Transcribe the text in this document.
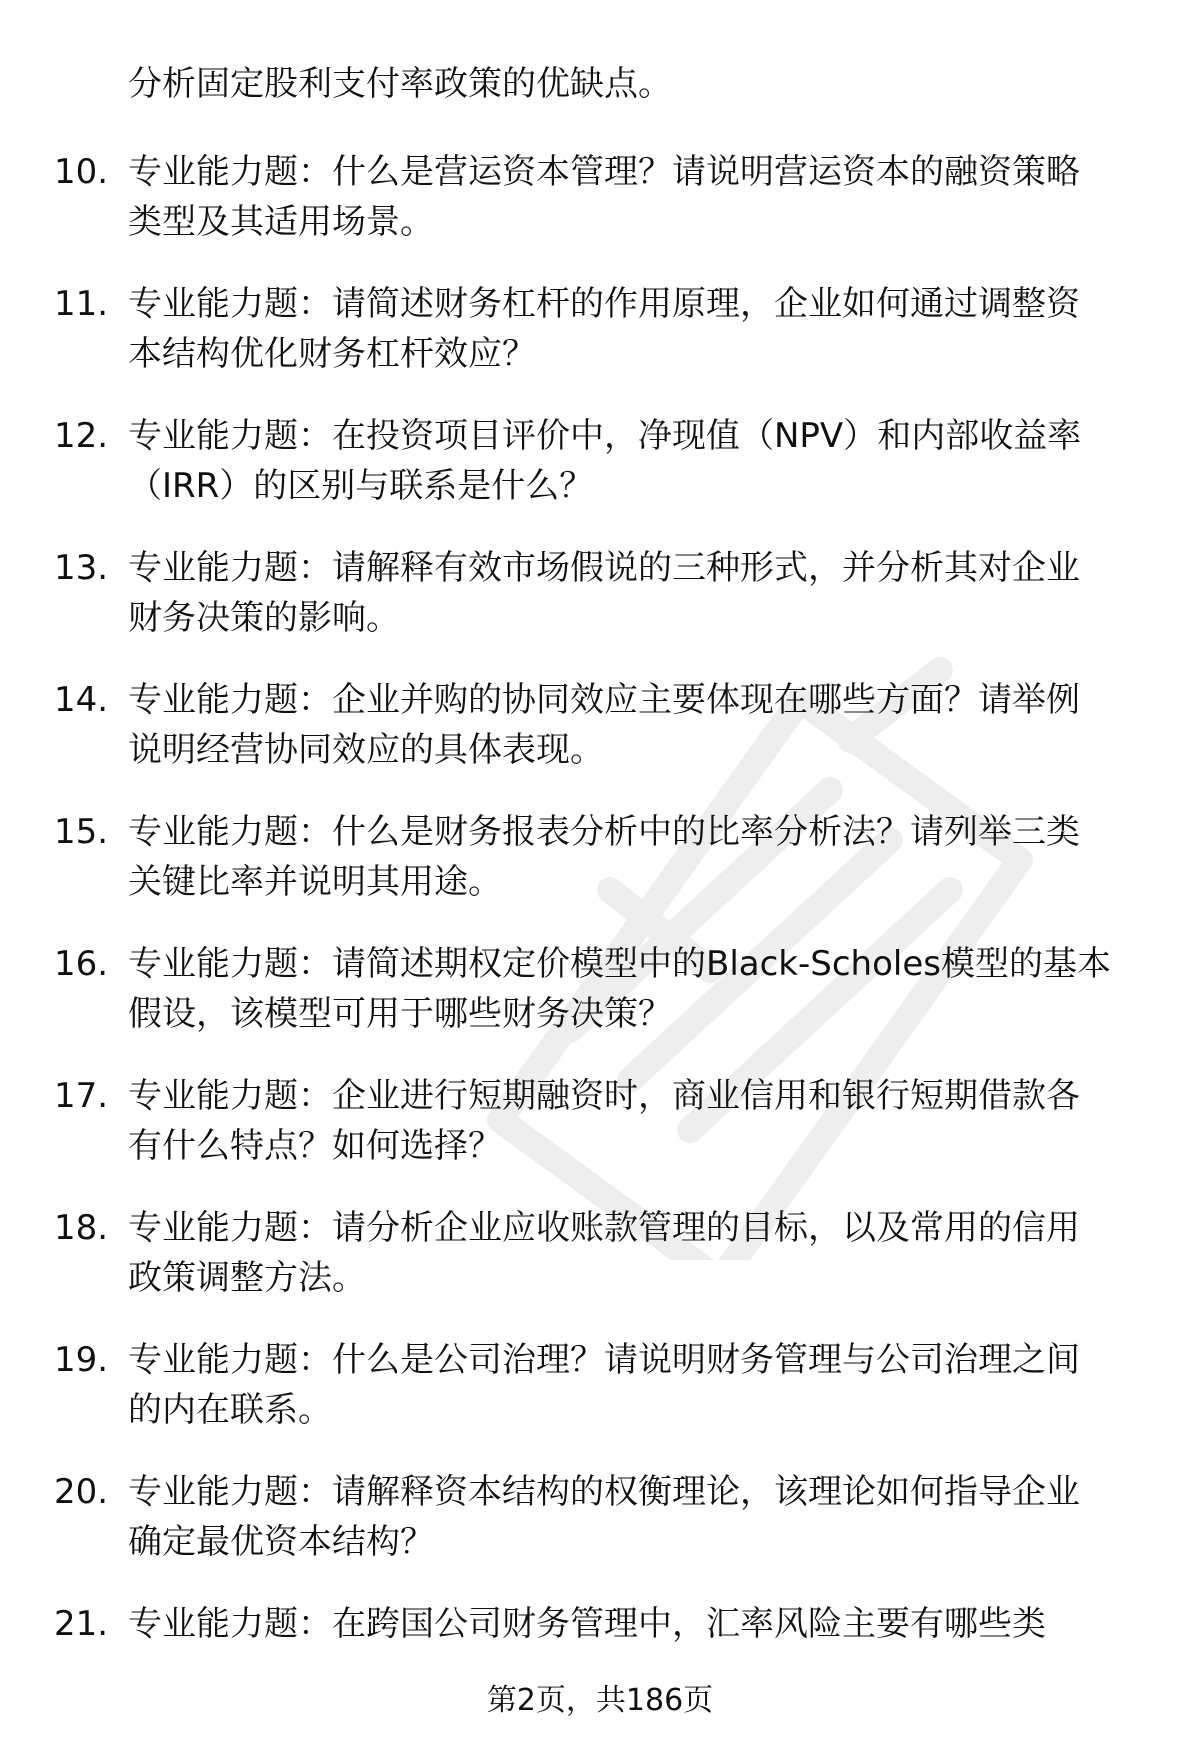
分析固定股利支付率政策的优缺点。

10. 专业能力题：什么是营运资本管理？请说明营运资本的融资策略
类型及其适用场景。
11. 专业能力题：请简述财务杠杆的作用原理，企业如何通过调整资
本结构优化财务杠杆效应？
12. 专业能力题：在投资项目评价中，净现值（NPV）和内部收益率
（IRR）的区别与联系是什么？
13. 专业能力题：请解释有效市场假说的三种形式，并分析其对企业
财务决策的影响。
14. 专业能力题：企业并购的协同效应主要体现在哪些方面？请举例
说明经营协同效应的具体表现。
15. 专业能力题：什么是财务报表分析中的比率分析法？请列举三类
关键比率并说明其用途。
16. 专业能力题：请简述期权定价模型中的Black-Scholes模型的基本
假设，该模型可用于哪些财务决策？
17. 专业能力题：企业进行短期融资时，商业信用和银行短期借款各
有什么特点？如何选择？
18. 专业能力题：请分析企业应收账款管理的目标，以及常用的信用
政策调整方法。
19. 专业能力题：什么是公司治理？请说明财务管理与公司治理之间
的内在联系。
20. 专业能力题：请解释资本结构的权衡理论，该理论如何指导企业
确定最优资本结构？
21. 专业能力题：在跨国公司财务管理中，汇率风险主要有哪些类
第2页，共186页
